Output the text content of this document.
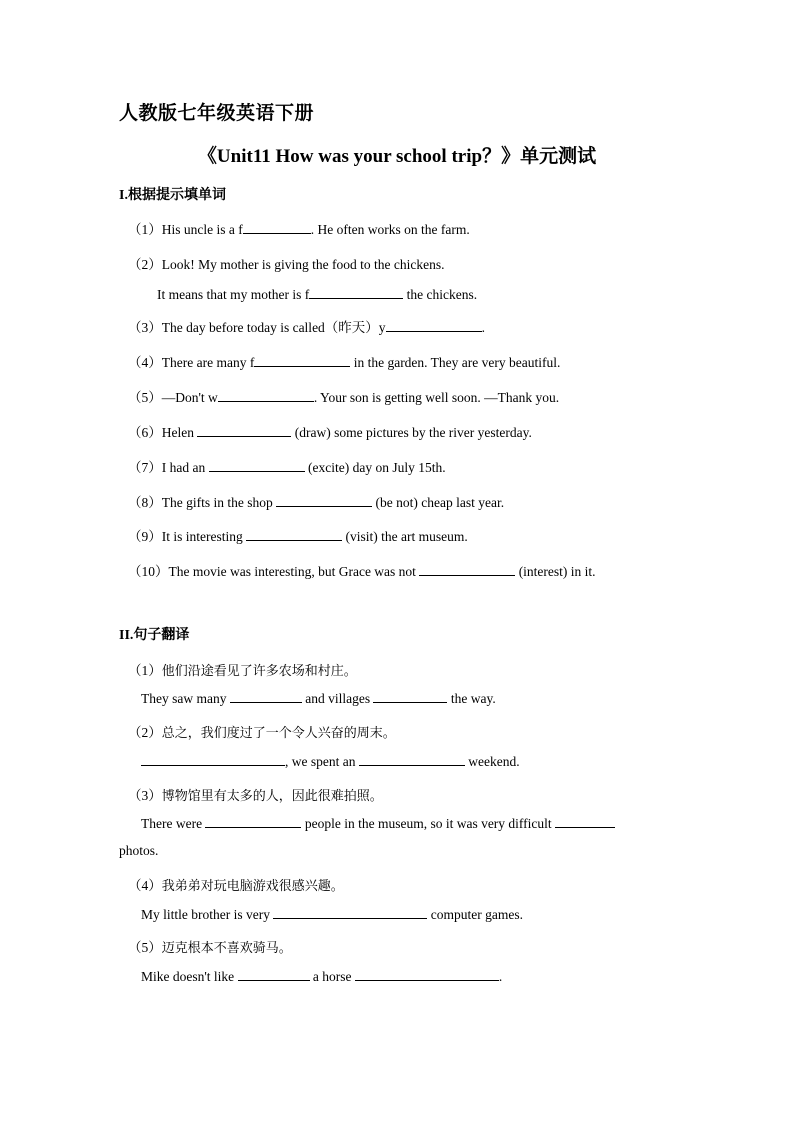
人教版七年级英语下册
《Unit11 How was your school trip？》单元测试
I.根据提示填单词
（1）His uncle is a f	. He often works on the farm.
（2）Look! My mother is giving the food to the chickens.
It means that my mother is f	the chickens.
（3）The day before today is called（昨天）y	.
（4）There are many f	in the garden. They are very beautiful.
（5）—Don't w	. Your son is getting well soon. —Thank you.
（6）Helen	(draw) some pictures by the river yesterday.
（7）I had an	(excite) day on July 15th.
（8）The gifts in the shop	(be not) cheap last year.
（9）It is interesting	(visit) the art museum.
（10）The movie was interesting, but Grace was not	(interest) in it.
II.句子翻译
（1）他们沿途看见了许多农场和村庄。
They saw many	and villages	the way.
（2）总之，我们度过了一个令人兴奋的周末。
, we spent an	weekend.
（3）博物馆里有太多的人，因此很难拍照。
There were	people in the museum, so it was very difficult
photos.
（4）我弟弟对玩电脑游戏很感兴趣。
My little brother is very	computer games.
（5）迈克根本不喜欢骑马。
Mike doesn't like	a horse	.
